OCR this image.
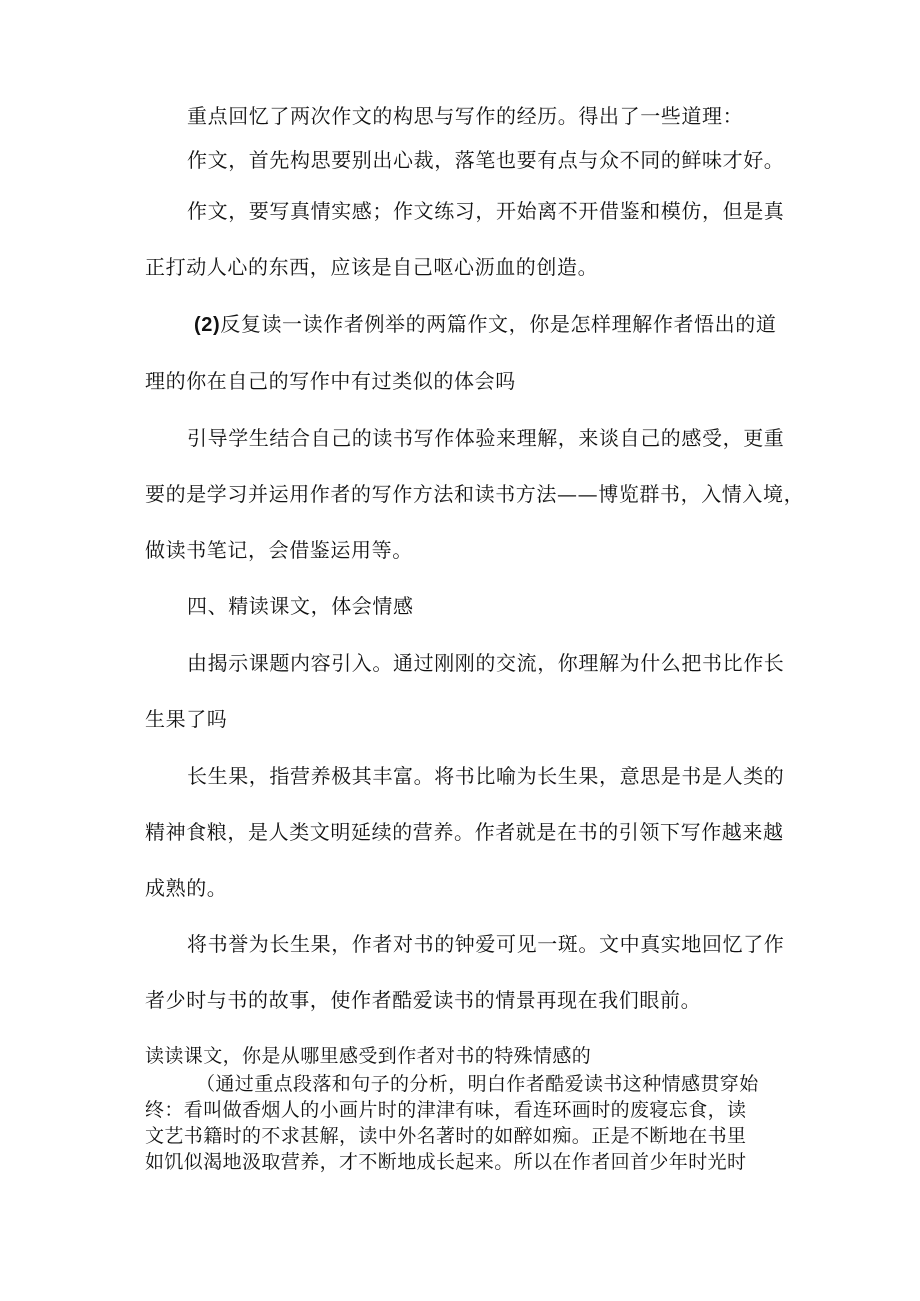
重点回忆了两次作文的构思与写作的经历。得出了一些道理：
作文，首先构思要别出心裁，落笔也要有点与众不同的鲜味才好。
作文，要写真情实感；作文练习，开始离不开借鉴和模仿，但是真
正打动人心的东西，应该是自己呕心沥血的创造。
(2)反复读一读作者例举的两篇作文，你是怎样理解作者悟出的道
理的你在自己的写作中有过类似的体会吗
引导学生结合自己的读书写作体验来理解，来谈自己的感受，更重
要的是学习并运用作者的写作方法和读书方法——博览群书，入情入境，
做读书笔记，会借鉴运用等。
四、精读课文，体会情感
由揭示课题内容引入。通过刚刚的交流，你理解为什么把书比作长
生果了吗
长生果，指营养极其丰富。将书比喻为长生果，意思是书是人类的
精神食粮，是人类文明延续的营养。作者就是在书的引领下写作越来越
成熟的。
将书誉为长生果，作者对书的钟爱可见一斑。文中真实地回忆了作
者少时与书的故事，使作者酷爱读书的情景再现在我们眼前。
读读课文，你是从哪里感受到作者对书的特殊情感的
（通过重点段落和句子的分析，明白作者酷爱读书这种情感贯穿始
终：看叫做香烟人的小画片时的津津有味，看连环画时的废寝忘食，读
文艺书籍时的不求甚解，读中外名著时的如醉如痴。正是不断地在书里
如饥似渴地汲取营养，才不断地成长起来。所以在作者回首少年时光时
